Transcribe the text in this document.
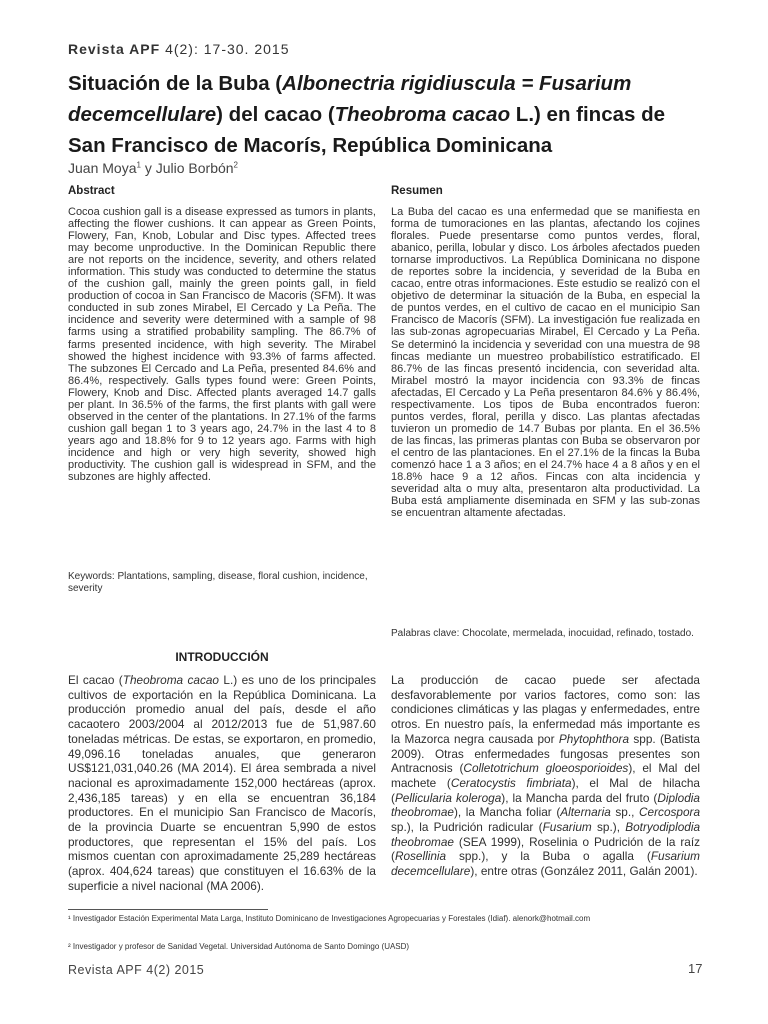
Revista APF 4(2): 17-30. 2015
Situación de la Buba (Albonectria rigidiuscula = Fusarium decemcellulare) del cacao (Theobroma cacao L.) en fincas de San Francisco de Macorís, República Dominicana
Juan Moya$^1$ y Julio Borbón$^2$
Abstract
Cocoa cushion gall is a disease expressed as tumors in plants, affecting the flower cushions. It can appear as Green Points, Flowery, Fan, Knob, Lobular and Disc types. Affected trees may become unproductive. In the Dominican Republic there are not reports on the incidence, severity, and others related information. This study was conducted to determine the status of the cushion gall, mainly the green points gall, in field production of cocoa in San Francisco de Macoris (SFM). It was conducted in sub zones Mirabel, El Cercado y La Peña. The incidence and severity were determined with a sample of 98 farms using a stratified probability sampling. The 86.7% of farms presented incidence, with high severity. The Mirabel showed the highest incidence with 93.3% of farms affected. The subzones El Cercado and La Peña, presented 84.6% and 86.4%, respectively. Galls types found were: Green Points, Flowery, Knob and Disc. Affected plants averaged 14.7 galls per plant. In 36.5% of the farms, the first plants with gall were observed in the center of the plantations. In 27.1% of the farms cushion gall began 1 to 3 years ago, 24.7% in the last 4 to 8 years ago and 18.8% for 9 to 12 years ago. Farms with high incidence and high or very high severity, showed high productivity. The cushion gall is widespread in SFM, and the subzones are highly affected.
Keywords: Plantations, sampling, disease, floral cushion, incidence, severity
Resumen
La Buba del cacao es una enfermedad que se manifiesta en forma de tumoraciones en las plantas, afectando los cojines florales. Puede presentarse como puntos verdes, floral, abanico, perilla, lobular y disco. Los árboles afectados pueden tornarse improductivos. La República Dominicana no dispone de reportes sobre la incidencia, y severidad de la Buba en cacao, entre otras informaciones. Este estudio se realizó con el objetivo de determinar la situación de la Buba, en especial la de puntos verdes, en el cultivo de cacao en el municipio San Francisco de Macorís (SFM). La investigación fue realizada en las sub-zonas agropecuarias Mirabel, El Cercado y La Peña. Se determinó la incidencia y severidad con una muestra de 98 fincas mediante un muestreo probabilístico estratificado. El 86.7% de las fincas presentó incidencia, con severidad alta. Mirabel mostró la mayor incidencia con 93.3% de fincas afectadas, El Cercado y La Peña presentaron 84.6% y 86.4%, respectivamente. Los tipos de Buba encontrados fueron: puntos verdes, floral, perilla y disco. Las plantas afectadas tuvieron un promedio de 14.7 Bubas por planta. En el 36.5% de las fincas, las primeras plantas con Buba se observaron por el centro de las plantaciones. En el 27.1% de la fincas la Buba comenzó hace 1 a 3 años; en el 24.7% hace 4 a 8 años y en el 18.8% hace 9 a 12 años. Fincas con alta incidencia y severidad alta o muy alta, presentaron alta productividad. La Buba está ampliamente diseminada en SFM y las sub-zonas se encuentran altamente afectadas.
Palabras clave: Chocolate, mermelada, inocuidad, refinado, tostado.
INTRODUCCIÓN
El cacao (Theobroma cacao L.) es uno de los principales cultivos de exportación en la República Dominicana. La producción promedio anual del país, desde el año cacaotero 2003/2004 al 2012/2013 fue de 51,987.60 toneladas métricas. De estas, se exportaron, en promedio, 49,096.16 toneladas anuales, que generaron US$121,031,040.26 (MA 2014). El área sembrada a nivel nacional es aproximadamente 152,000 hectáreas (aprox. 2,436,185 tareas) y en ella se encuentran 36,184 productores. En el municipio San Francisco de Macorís, de la provincia Duarte se encuentran 5,990 de estos productores, que representan el 15% del país. Los mismos cuentan con aproximadamente 25,289 hectáreas (aprox. 404,624 tareas) que constituyen el 16.63% de la superficie a nivel nacional (MA 2006).
La producción de cacao puede ser afectada desfavorablemente por varios factores, como son: las condiciones climáticas y las plagas y enfermedades, entre otros. En nuestro país, la enfermedad más importante es la Mazorca negra causada por Phytophthora spp. (Batista 2009). Otras enfermedades fungosas presentes son Antracnosis (Colletotrichum gloeosporioides), el Mal del machete (Ceratocystis fimbriata), el Mal de hilacha (Pellicularia koleroga), la Mancha parda del fruto (Diplodia theobromae), la Mancha foliar (Alternaria sp., Cercospora sp.), la Pudrición radicular (Fusarium sp.), Botryodiplodia theobromae (SEA 1999), Roselinia o Pudrición de la raíz (Rosellinia spp.), y la Buba o agalla (Fusarium decemcellulare), entre otras (González 2011, Galán 2001).
¹ Investigador Estación Experimental Mata Larga, Instituto Dominicano de Investigaciones Agropecuarias y Forestales (Idiaf). alenork@hotmail.com
² Investigador y profesor de Sanidad Vegetal. Universidad Autónoma de Santo Domingo (UASD)
Revista APF 4(2) 2015	17
